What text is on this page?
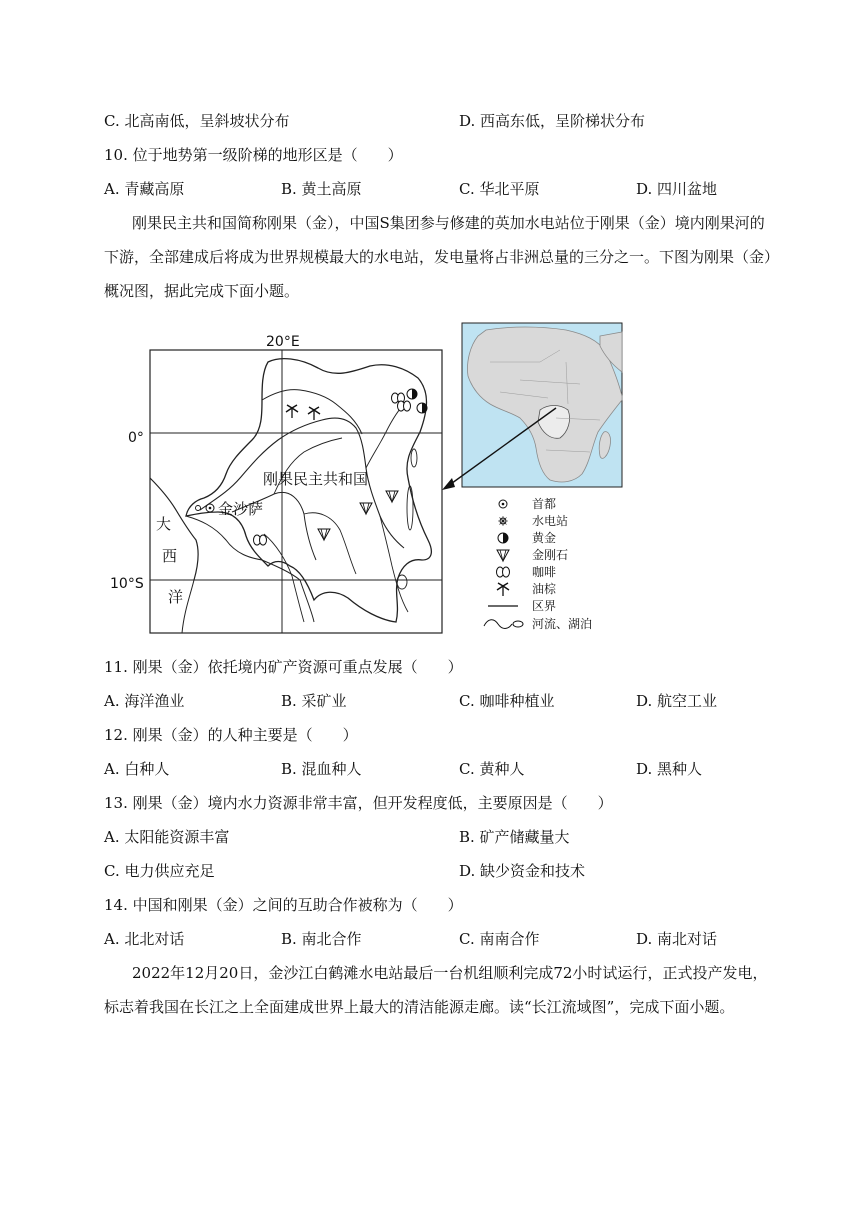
C. 北高南低，呈斜坡状分布	D. 西高东低，呈阶梯状分布
10. 位于地势第一级阶梯的地形区是（　　）
A. 青藏高原	B. 黄土高原	C. 华北平原	D. 四川盆地
刚果民主共和国简称刚果（金），中国S集团参与修建的英加水电站位于刚果（金）境内刚果河的下游，全部建成后将成为世界规模最大的水电站，发电量将占非洲总量的三分之一。下图为刚果（金）概况图，据此完成下面小题。
20°E
0°
10°S
刚果民主共和国
金沙萨
大
西
洋
首都
水电站
黄金
金刚石
咖啡
油棕
区界
河流、湖泊
11. 刚果（金）依托境内矿产资源可重点发展（　　）
A. 海洋渔业	B. 采矿业	C. 咖啡种植业	D. 航空工业
12. 刚果（金）的人种主要是（　　）
A. 白种人	B. 混血种人	C. 黄种人	D. 黑种人
13. 刚果（金）境内水力资源非常丰富，但开发程度低，主要原因是（　　）
A. 太阳能资源丰富	B. 矿产储藏量大
C. 电力供应充足	D. 缺少资金和技术
14. 中国和刚果（金）之间的互助合作被称为（　　）
A. 北北对话	B. 南北合作	C. 南南合作	D. 南北对话
2022年12月20日，金沙江白鹤滩水电站最后一台机组顺利完成72小时试运行，正式投产发电，标志着我国在长江之上全面建成世界上最大的清洁能源走廊。读“长江流域图”，完成下面小题。
